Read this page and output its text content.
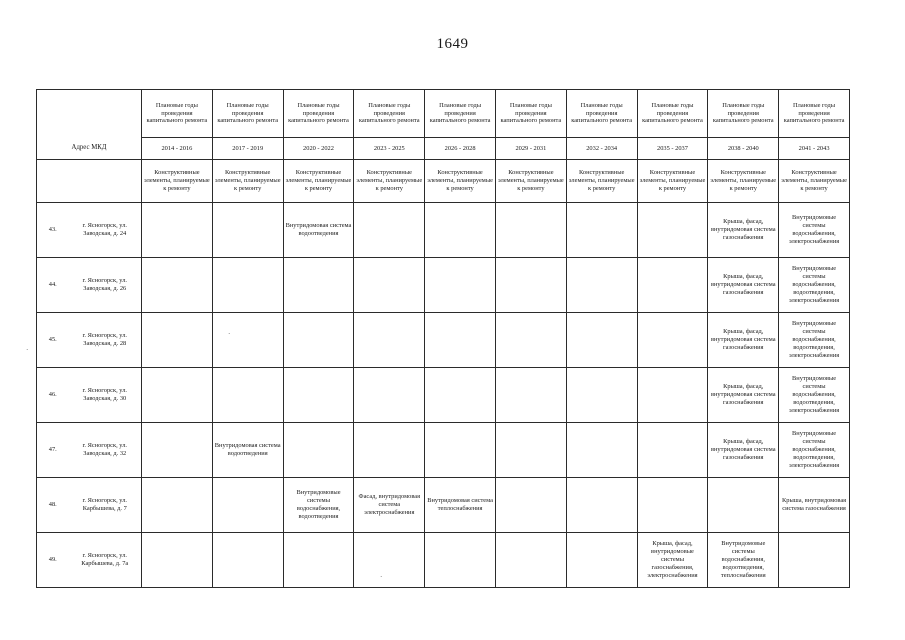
1649
		Плановые годы проведения капитального ремонта	Плановые годы проведения капитального ремонта	Плановые годы проведения капитального ремонта	Плановые годы проведения капитального ремонта	Плановые годы проведения капитального ремонта	Плановые годы проведения капитального ремонта	Плановые годы проведения капитального ремонта	Плановые годы проведения капитального ремонта	Плановые годы проведения капитального ремонта	Плановые годы проведения капитального ремонта
Адрес МКД		2014 - 2016	2017 - 2019	2020 - 2022	2023 - 2025	2026 - 2028	2029 - 2031	2032 - 2034	2035 - 2037	2038 - 2040	2041 - 2043
		Конструктивные элементы, планируемые к ремонту	Конструктивные элементы, планируемые к ремонту	Конструктивные элементы, планируемые к ремонту	Конструктивные элементы, планируемые к ремонту	Конструктивные элементы, планируемые к ремонту	Конструктивные элементы, планируемые к ремонту	Конструктивные элементы, планируемые к ремонту	Конструктивные элементы, планируемые к ремонту	Конструктивные элементы, планируемые к ремонту	Конструктивные элементы, планируемые к ремонту
43.	г. Ясногорск, ул. Заводская, д. 24			Внутридомовая система водоотведения						Крыша, фасад, внутридомовая система газоснабжения	Внутридомовые системы водоснабжения, электроснабжения
44.	г. Ясногорск, ул. Заводская, д. 26									Крыша, фасад, внутридомовая система газоснабжения	Внутридомовые системы водоснабжения, водоотведения, электроснабжения
45.	г. Ясногорск, ул. Заводская, д. 28									Крыша, фасад, внутридомовая система газоснабжения	Внутридомовые системы водоснабжения, водоотведения, электроснабжения
46.	г. Ясногорск, ул. Заводская, д. 30									Крыша, фасад, внутридомовая система газоснабжения	Внутридомовые системы водоснабжения, водоотведения, электроснабжения
47.	г. Ясногорск, ул. Заводская, д. 32		Внутридомовая система водоотведения							Крыша, фасад, внутридомовая система газоснабжения	Внутридомовые системы водоснабжения, водоотведения, электроснабжения
48.	г. Ясногорск, ул. Карбышева, д. 7			Внутридомовые системы водоснабжения, водоотведения	Фасад, внутридомовая система электроснабжения	Внутридомовая система теплоснабжения					Крыша, внутридомовая система газоснабжения
49.	г. Ясногорск, ул. Карбышева, д. 7а								Крыша, фасад, внутридомовые системы газоснабжения, электроснабжения	Внутридомовые системы водоснабжения, водоотведения, теплоснабжения	
·
·
·
